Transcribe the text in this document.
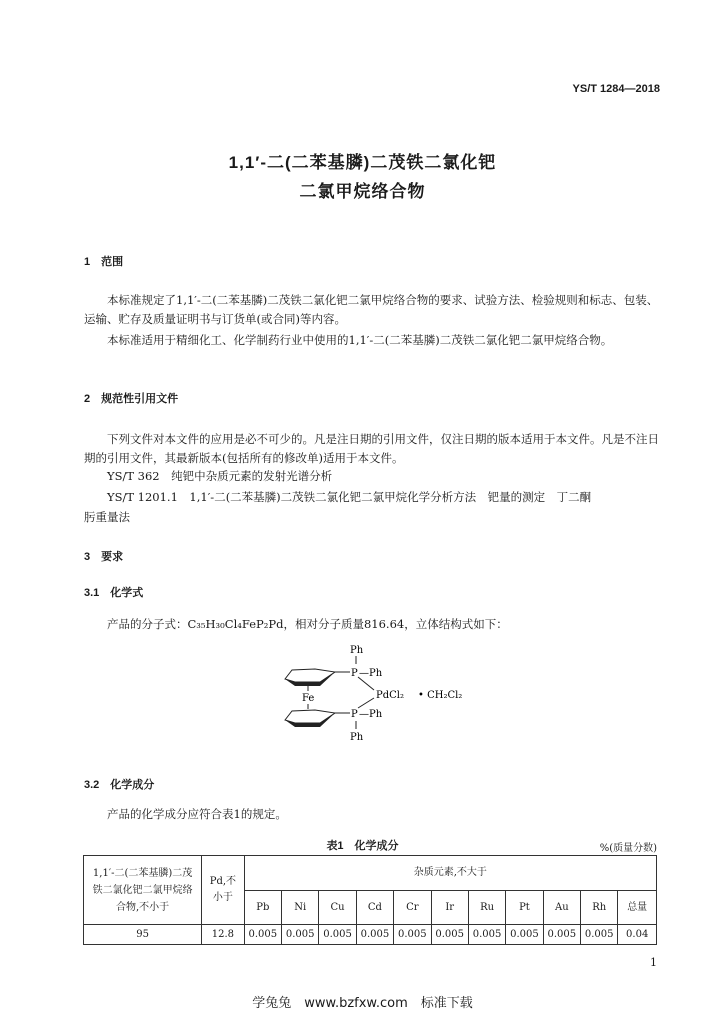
YS/T 1284—2018
1,1′-二(二苯基膦)二茂铁二氯化钯
二氯甲烷络合物
1　范围
本标准规定了1,1′-二(二苯基膦)二茂铁二氯化钯二氯甲烷络合物的要求、试验方法、检验规则和标志、包装、运输、贮存及质量证明书与订货单(或合同)等内容。
本标准适用于精细化工、化学制药行业中使用的1,1′-二(二苯基膦)二茂铁二氯化钯二氯甲烷络合物。
2　规范性引用文件
下列文件对本文件的应用是必不可少的。凡是注日期的引用文件，仅注日期的版本适用于本文件。凡是不注日期的引用文件，其最新版本(包括所有的修改单)适用于本文件。
YS/T 362　纯钯中杂质元素的发射光谱分析
YS/T 1201.1　1,1′-二(二苯基膦)二茂铁二氯化钯二氯甲烷化学分析方法　钯量的测定　丁二酮
肟重量法
3　要求
3.1　化学式
产品的分子式：C₃₅H₃₀Cl₄FeP₂Pd，相对分子质量816.64，立体结构式如下：
Ph
P —Ph
Fe	PdCl₂ • CH₂Cl₂
P —Ph
Ph
3.2　化学成分
产品的化学成分应符合表1的规定。
表1　化学成分	%(质量分数)
1,1′-二(二苯基膦)二茂铁二氯化钯二氯甲烷络合物,不小于	Pd,不小于	杂质元素,不大于										
		Pb	Ni	Cu	Cd	Cr	Ir	Ru	Pt	Au	Rh	总量
95	12.8	0.005	0.005	0.005	0.005	0.005	0.005	0.005	0.005	0.005	0.005	0.04
1
学兔兔　www.bzfxw.com　标准下载
